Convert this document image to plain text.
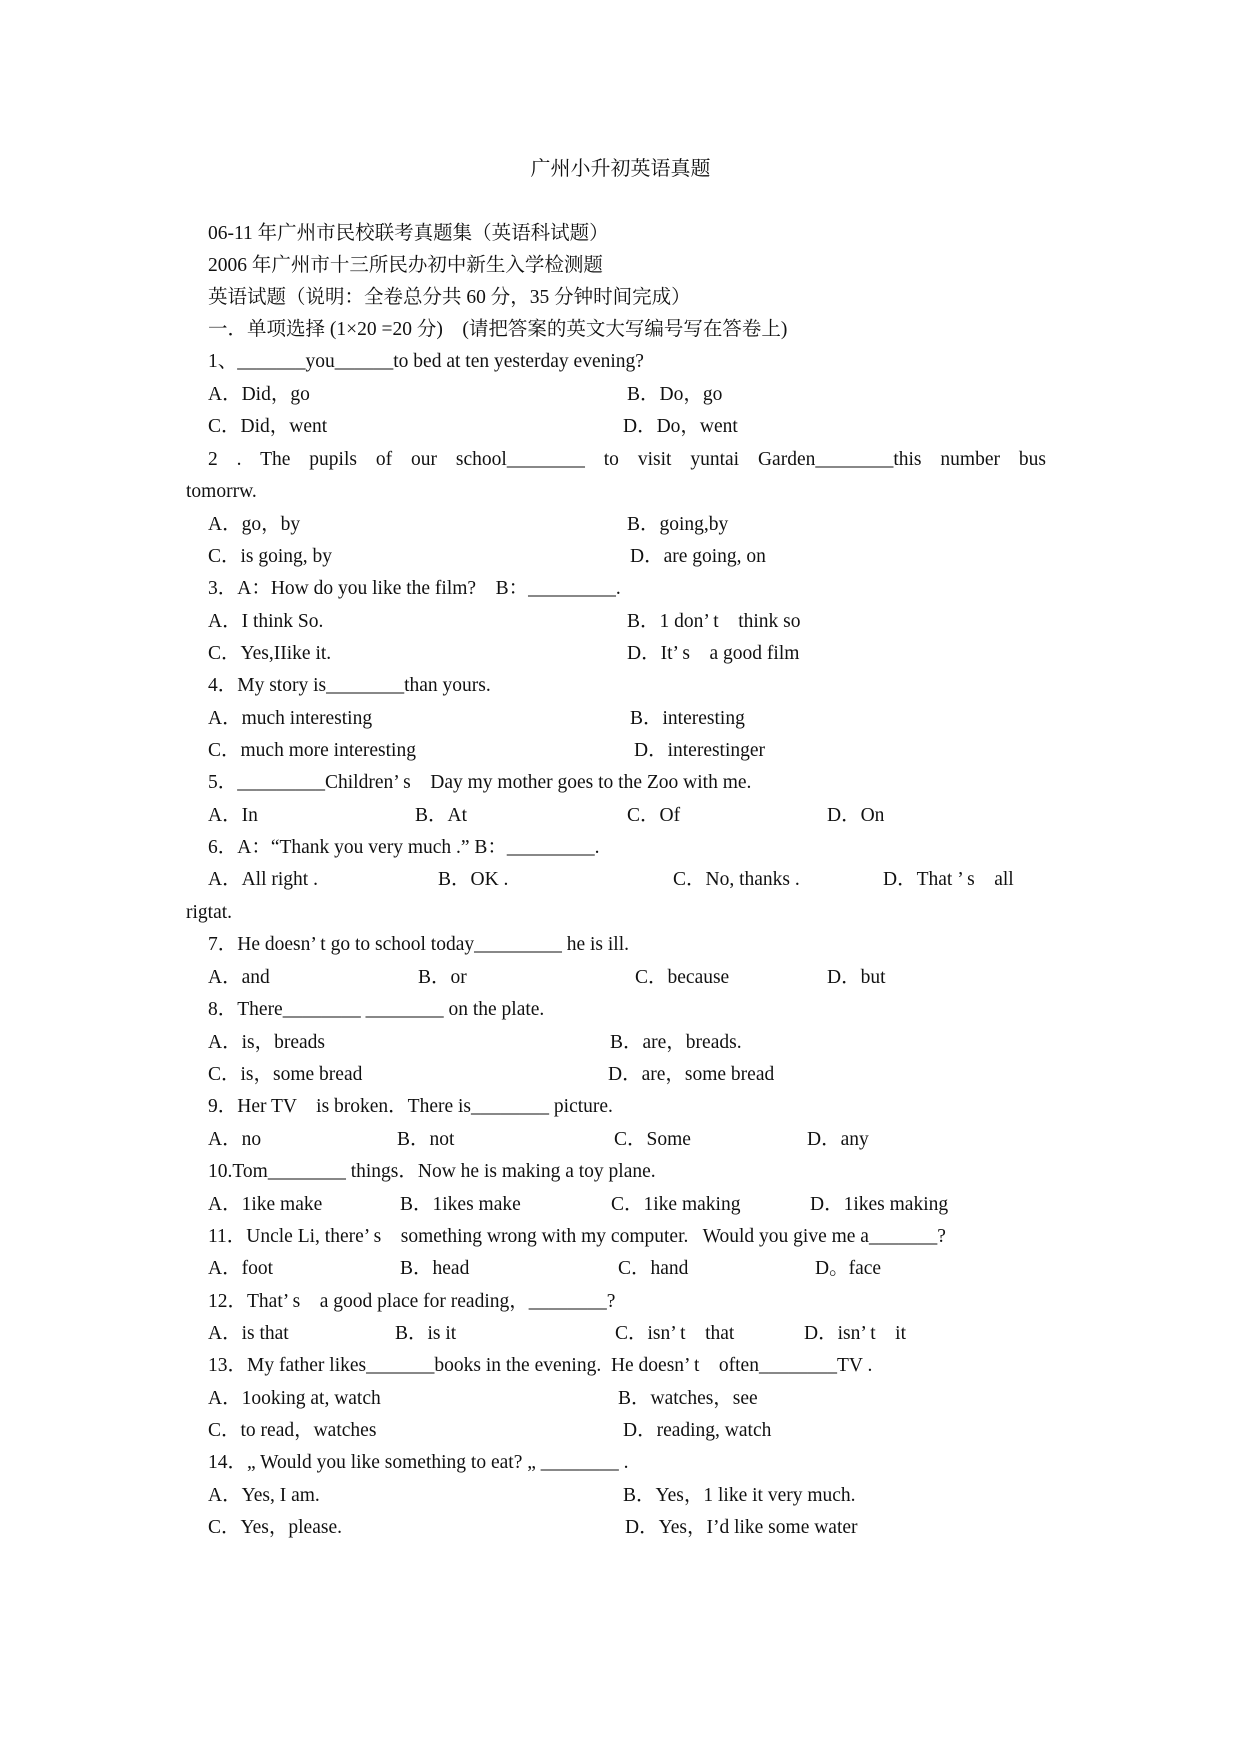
广州小升初英语真题
06-11 年广州市民校联考真题集（英语科试题）
2006 年广州市十三所民办初中新生入学检测题
英语试题（说明：全卷总分共 60 分，35 分钟时间完成）
一．单项选择 (1×20 =20 分)    (请把答案的英文大写编号写在答卷上)
1、_______you______to bed at ten yesterday evening?
A．Did，go	B．Do，go
C．Did，went	D．Do，went
2 . The pupils of our school________ to visit yuntai Garden________this number bus
tomorrw.
A．go，by	B．going,by
C．is going, by	D．are going, on
3．A：How do you like the film?    B：_________.
A．I think So.	B．1 don’ t    think so
C．Yes,IIike it.	D．It’ s    a good film
4．My story is________than yours.
A．much interesting	B．interesting
C．much more interesting	D．interestinger
5．_________Children’ s    Day my mother goes to the Zoo with me.
A．In	B．At	C．Of	D．On
6．A：“Thank you very much .” B：_________.
A．All right .	B．OK .	C．No, thanks .	D．That ’ s    all
rigtat.
7．He doesn’ t go to school today_________ he is ill.
A．and	B．or	C．because	D．but
8．There________ ________ on the plate.
A．is，breads	B．are，breads.
C．is，some bread	D．are，some bread
9．Her TV    is broken．There is________ picture.
A．no	B．not	C．Some	D．any
10.Tom________ things．Now he is making a toy plane.
A．1ike make	B．1ikes make	C．1ike making	D．1ikes making
11．Uncle Li, there’ s    something wrong with my computer.   Would you give me a_______?
A．foot	B．head	C．hand	D。face
12．That’ s    a good place for reading，________?
A．is that	B．is it	C．isn’ t    that	D．isn’ t    it
13．My father likes_______books in the evening.  He doesn’ t    often________TV .
A．1ooking at, watch	B．watches，see
C．to read，watches	D．reading, watch
14．„ Would you like something to eat? „ ________ .
A．Yes, I am.	B．Yes，1 like it very much.
C．Yes，please.	D．Yes，I’d like some water
